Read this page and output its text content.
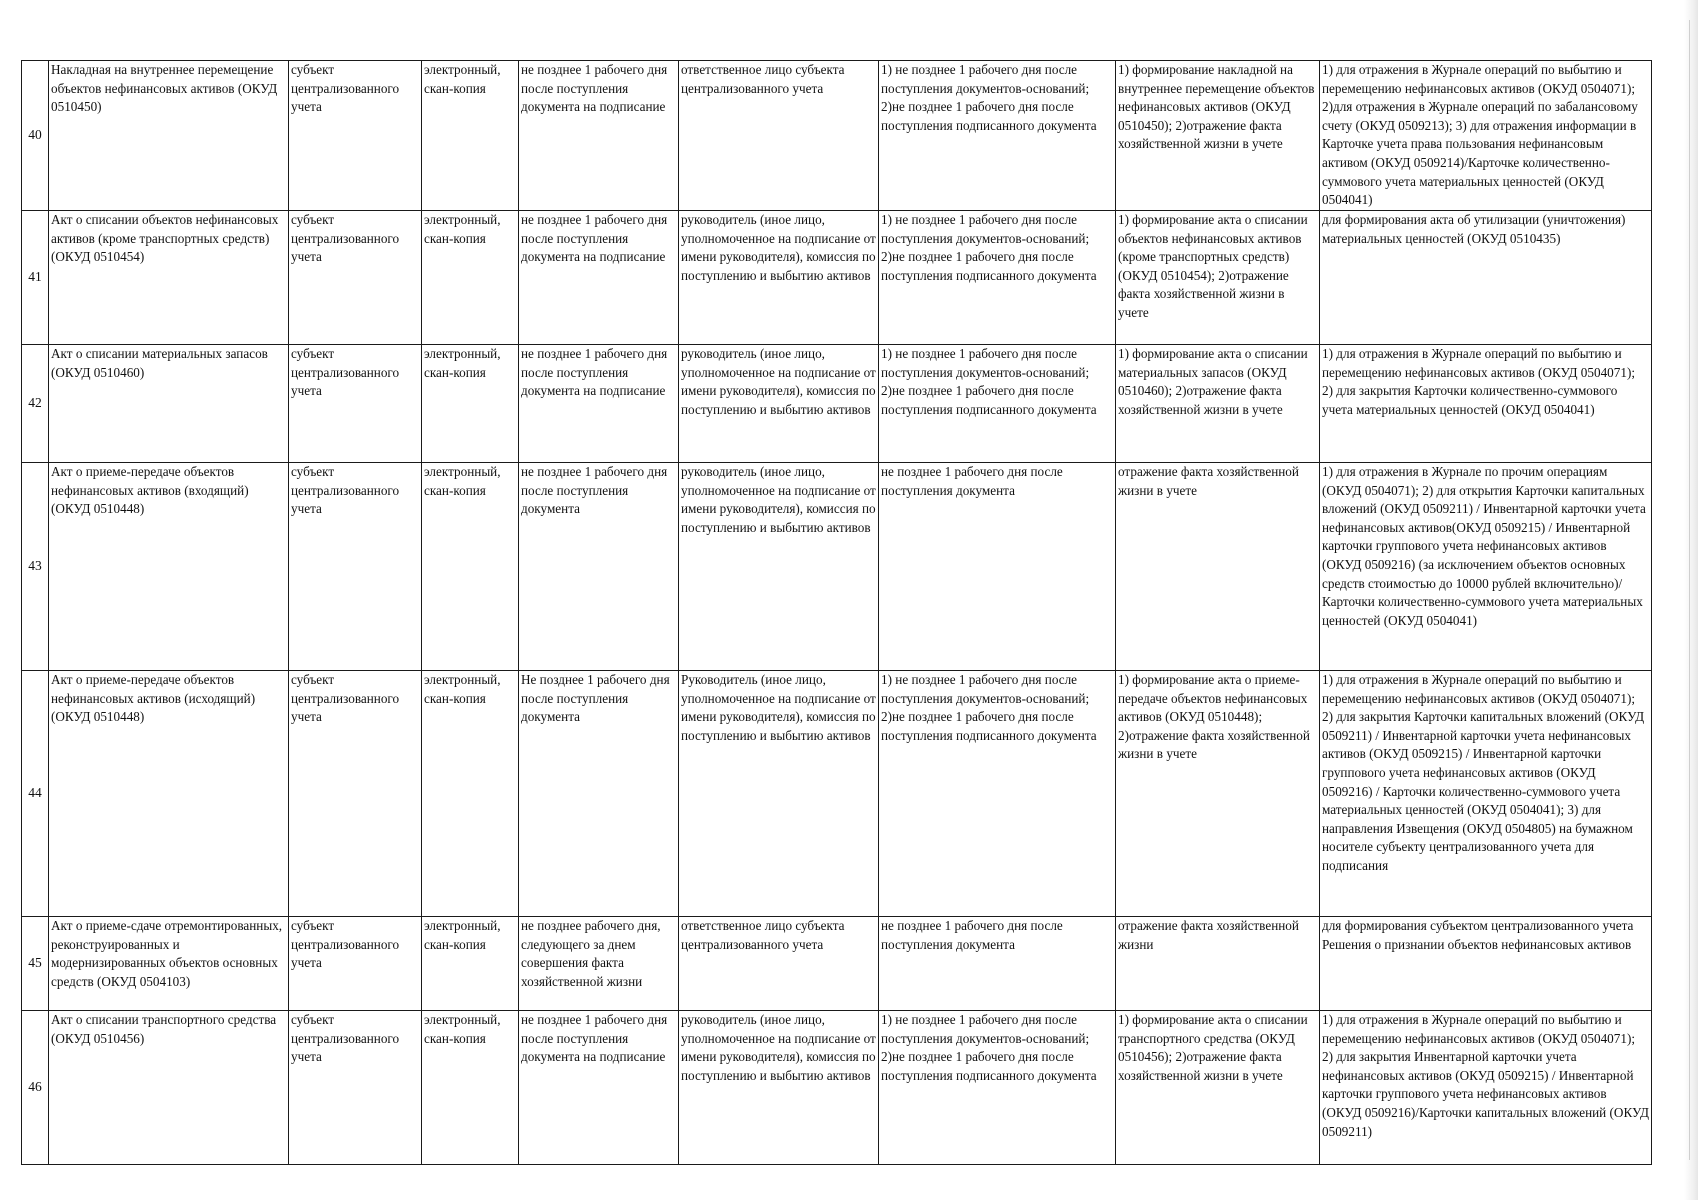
40	Накладная на внутреннее перемещение объектов нефинансовых активов (ОКУД 0510450)	субъект централизованного учета	электронный, скан-копия	не позднее 1 рабочего дня после поступления документа на подписание	ответственное лицо субъекта централизованного учета	1) не позднее 1 рабочего дня после поступления документов-оснований; 2)не позднее 1 рабочего дня после поступления подписанного документа	1) формирование накладной на внутреннее перемещение объектов нефинансовых активов (ОКУД 0510450); 2)отражение факта хозяйственной жизни в учете	1) для отражения в Журнале операций по выбытию и перемещению нефинансовых активов (ОКУД 0504071); 2)для отражения в Журнале операций по забалансовому счету (ОКУД 0509213); 3) для отражения информации в Карточке учета права пользования нефинансовым активом (ОКУД 0509214)/Карточке количественно-суммового учета материальных ценностей (ОКУД 0504041)
41	Акт о списании объектов нефинансовых активов (кроме транспортных средств) (ОКУД 0510454)	субъект централизованного учета	электронный, скан-копия	не позднее 1 рабочего дня после поступления документа на подписание	руководитель (иное лицо, уполномоченное на подписание от имени руководителя), комиссия по поступлению и выбытию активов	1) не позднее 1 рабочего дня после поступления документов-оснований; 2)не позднее 1 рабочего дня после поступления подписанного документа	1) формирование акта о списании объектов нефинансовых активов (кроме транспортных средств) (ОКУД 0510454); 2)отражение факта хозяйственной жизни в учете	для формирования акта об утилизации (уничтожения) материальных ценностей (ОКУД 0510435)
42	Акт о списании материальных запасов (ОКУД 0510460)	субъект централизованного учета	электронный, скан-копия	не позднее 1 рабочего дня после поступления документа на подписание	руководитель (иное лицо, уполномоченное на подписание от имени руководителя), комиссия по поступлению и выбытию активов	1) не позднее 1 рабочего дня после поступления документов-оснований; 2)не позднее 1 рабочего дня после поступления подписанного документа	1) формирование акта о списании материальных запасов (ОКУД 0510460); 2)отражение факта хозяйственной жизни в учете	1) для отражения в Журнале операций по выбытию и перемещению нефинансовых активов (ОКУД 0504071); 2) для закрытия Карточки количественно-суммового учета материальных ценностей (ОКУД 0504041)
43	Акт о приеме-передаче объектов нефинансовых активов (входящий) (ОКУД 0510448)	субъект централизованного учета	электронный, скан-копия	не позднее 1 рабочего дня после поступления документа	руководитель (иное лицо, уполномоченное на подписание от имени руководителя), комиссия по поступлению и выбытию активов	не позднее 1 рабочего дня после поступления документа	отражение факта хозяйственной жизни в учете	1) для отражения в Журнале по прочим операциям (ОКУД 0504071); 2) для открытия Карточки капитальных вложений (ОКУД 0509211) / Инвентарной карточки учета нефинансовых активов(ОКУД 0509215) / Инвентарной карточки группового учета нефинансовых активов (ОКУД 0509216) (за исключением объектов основных средств стоимостью до 10000 рублей включительно)/Карточки количественно-суммового учета материальных ценностей (ОКУД 0504041)
44	Акт о приеме-передаче объектов нефинансовых активов (исходящий) (ОКУД 0510448)	субъект централизованного учета	электронный, скан-копия	Не позднее 1 рабочего дня после поступления документа	Руководитель (иное лицо, уполномоченное на подписание от имени руководителя), комиссия по поступлению и выбытию активов	1) не позднее 1 рабочего дня после поступления документов-оснований; 2)не позднее 1 рабочего дня после поступления подписанного документа	1) формирование акта о приеме-передаче объектов нефинансовых активов (ОКУД 0510448); 2)отражение факта хозяйственной жизни в учете	1) для отражения в Журнале операций по выбытию и перемещению нефинансовых активов (ОКУД 0504071); 2) для закрытия Карточки капитальных вложений (ОКУД 0509211) / Инвентарной карточки учета нефинансовых активов (ОКУД 0509215) / Инвентарной карточки группового учета нефинансовых активов (ОКУД 0509216) / Карточки количественно-суммового учета материальных ценностей (ОКУД 0504041); 3) для направления Извещения (ОКУД 0504805) на бумажном носителе субъекту централизованного учета для подписания
45	Акт о приеме-сдаче отремонтированных, реконструированных и модернизированных объектов основных средств (ОКУД 0504103)	субъект централизованного учета	электронный, скан-копия	не позднее рабочего дня, следующего за днем совершения факта хозяйственной жизни	ответственное лицо субъекта централизованного учета	не позднее 1 рабочего дня после поступления документа	отражение факта хозяйственной жизни	для формирования субъектом централизованного учета Решения о признании объектов нефинансовых активов
46	Акт о списании транспортного средства (ОКУД 0510456)	субъект централизованного учета	электронный, скан-копия	не позднее 1 рабочего дня после поступления документа на подписание	руководитель (иное лицо, уполномоченное на подписание от имени руководителя), комиссия по поступлению и выбытию активов	1) не позднее 1 рабочего дня после поступления документов-оснований; 2)не позднее 1 рабочего дня после поступления подписанного документа	1) формирование акта о списании транспортного средства (ОКУД 0510456); 2)отражение факта хозяйственной жизни в учете	1) для отражения в Журнале операций по выбытию и перемещению нефинансовых активов (ОКУД 0504071); 2) для закрытия Инвентарной карточки учета нефинансовых активов (ОКУД 0509215) / Инвентарной карточки группового учета нефинансовых активов (ОКУД 0509216)/Карточки капитальных вложений (ОКУД 0509211)
